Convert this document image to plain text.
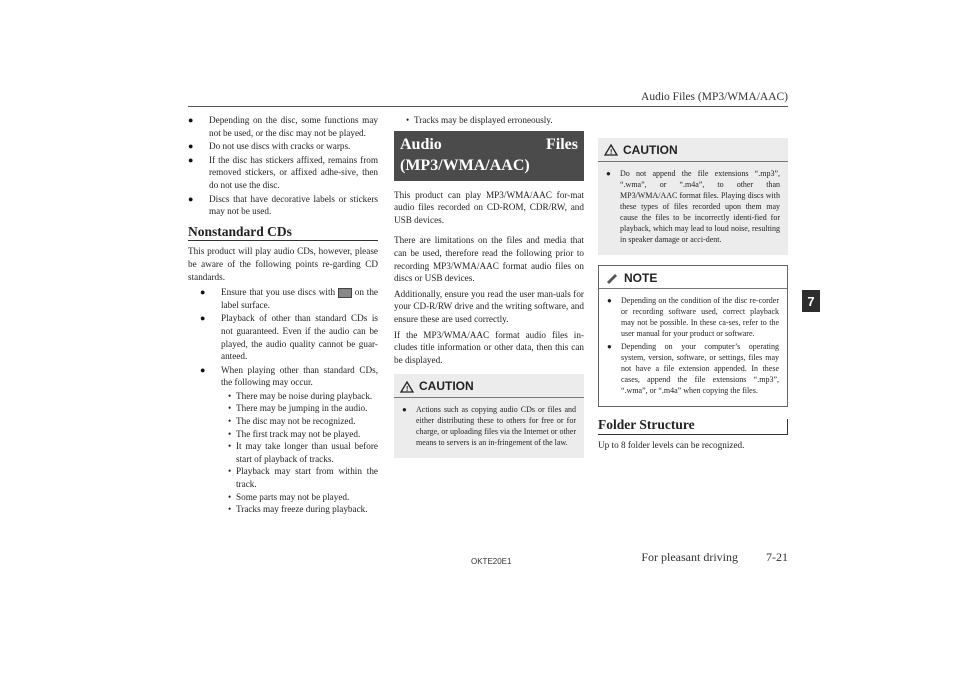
Audio Files (MP3/WMA/AAC)
7
● Depending on the disc, some functions may not be used, or the disc may not be played.
● Do not use discs with cracks or warps.
● If the disc has stickers affixed, remains from removed stickers, or affixed adhe-sive, then do not use the disc.
● Discs that have decorative labels or stickers may not be used.
Nonstandard CDs
This product will play audio CDs, however, please be aware of the following points re-garding CD standards.
● Ensure that you use discs with  on the label surface.
● Playback of other than standard CDs is not guaranteed. Even if the audio can be played, the audio quality cannot be guar-anteed.
● When playing other than standard CDs, the following may occur.
• There may be noise during playback.
• There may be jumping in the audio.
• The disc may not be recognized.
• The first track may not be played.
• It may take longer than usual before start of playback of tracks.
• Playback may start from within the track.
• Some parts may not be played.
• Tracks may freeze during playback.
• Tracks may be displayed erroneously.
Audio Files (MP3/WMA/AAC)
This product can play MP3/WMA/AAC for-mat audio files recorded on CD-ROM, CDR/RW, and USB devices.
There are limitations on the files and media that can be used, therefore read the following prior to recording MP3/WMA/AAC format audio files on discs or USB devices.
Additionally, ensure you read the user man-uals for your CD-R/RW drive and the writing software, and ensure these are used correctly.
If the MP3/WMA/AAC format audio files in-cludes title information or other data, then this can be displayed.
! CAUTION
● Actions such as copying audio CDs or files and either distributing these to others for free or for charge, or uploading files via the Internet or other means to servers is an in-fringement of the law.
! CAUTION
● Do not append the file extensions “.mp3”, “.wma”, or “.m4a”, to other than MP3/WMA/AAC format files. Playing discs with these types of files recorded upon them may cause the files to be incorrectly identi-fied for playback, which may lead to loud noise, resulting in speaker damage or acci-dent.
NOTE
● Depending on the condition of the disc re-corder or recording software used, correct playback may not be possible. In these ca-ses, refer to the user manual for your product or software.
● Depending on your computer’s operating system, version, software, or settings, files may not have a file extension appended. In these cases, append the file extensions “.mp3”, “.wma”, or “.m4a” when copying the files.
Folder Structure
Up to 8 folder levels can be recognized.
OKTE20E1	For pleasant driving 7-21
